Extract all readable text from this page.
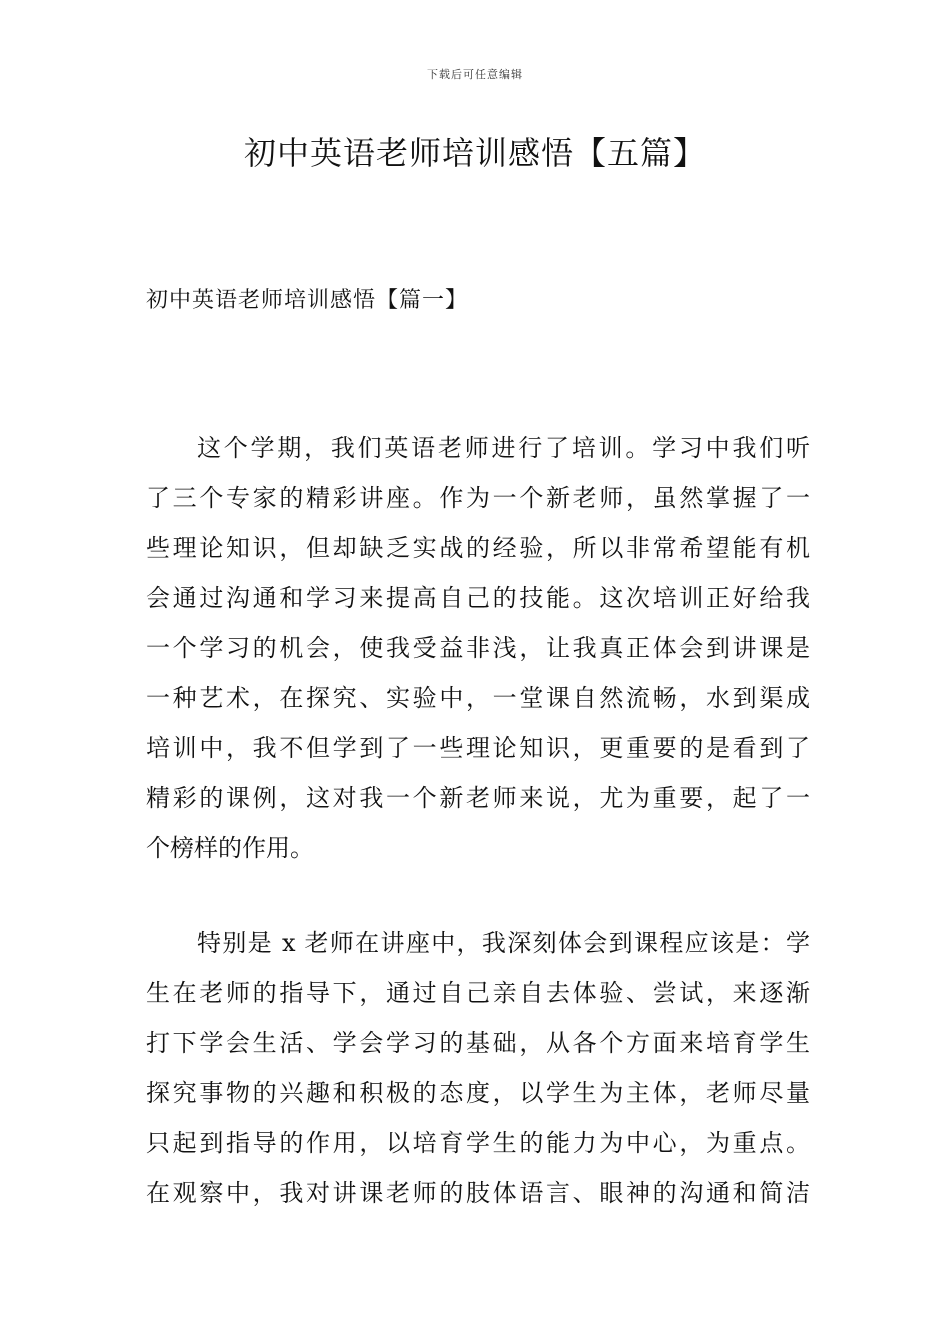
下载后可任意编辑
初中英语老师培训感悟【五篇】
初中英语老师培训感悟【篇一】
这个学期，我们英语老师进行了培训。学习中我们听
了三个专家的精彩讲座。作为一个新老师，虽然掌握了一
些理论知识，但却缺乏实战的经验，所以非常希望能有机
会通过沟通和学习来提高自己的技能。这次培训正好给我
一个学习的机会，使我受益非浅，让我真正体会到讲课是
一种艺术，在探究、实验中，一堂课自然流畅，水到渠成
培训中，我不但学到了一些理论知识，更重要的是看到了
精彩的课例，这对我一个新老师来说，尤为重要，起了一
个榜样的作用。
特别是 x 老师在讲座中，我深刻体会到课程应该是：学
生在老师的指导下，通过自己亲自去体验、尝试，来逐渐
打下学会生活、学会学习的基础，从各个方面来培育学生
探究事物的兴趣和积极的态度，以学生为主体，老师尽量
只起到指导的作用，以培育学生的能力为中心，为重点。
在观察中，我对讲课老师的肢体语言、眼神的沟通和简洁
